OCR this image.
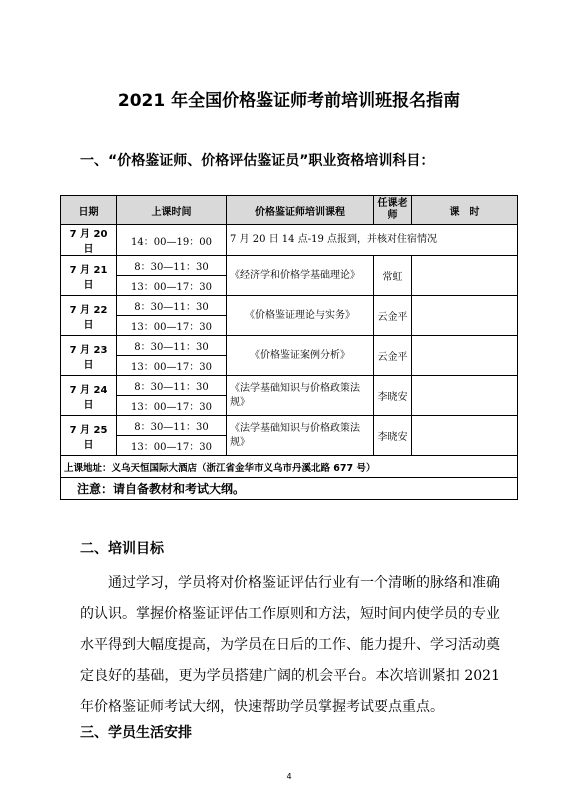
2021 年全国价格鉴证师考前培训班报名指南
一、“价格鉴证师、价格评估鉴证员”职业资格培训科目：
日期	上课时间	价格鉴证师培训课程	任课老师	课　时
7 月 20 日	14：00—19：00	7 月 20 日 14 点-19 点报到，并核对住宿情况		
7 月 21 日	8：30—11：30	《经济学和价格学基础理论》	常虹	
	13：00—17：30			
7 月 22 日	8：30—11：30	《价格鉴证理论与实务》	云金平	
	13：00—17：30			
7 月 23 日	8：30—11：30	《价格鉴证案例分析》	云金平	
	13：00—17：30			
7 月 24 日	8：30—11：30	《法学基础知识与价格政策法规》	李晓安	
	13：00—17：30			
7 月 25 日	8：30—11：30	《法学基础知识与价格政策法规》	李晓安	
	13：00—17：30			
上课地址：义乌天恒国际大酒店（浙江省金华市义乌市丹溪北路 677 号）				
注意：请自备教材和考试大纲。				
二、培训目标
通过学习，学员将对价格鉴证评估行业有一个清晰的脉络和准确的认识。掌握价格鉴证评估工作原则和方法，短时间内使学员的专业水平得到大幅度提高，为学员在日后的工作、能力提升、学习活动奠定良好的基础，更为学员搭建广阔的机会平台。本次培训紧扣 2021 年价格鉴证师考试大纲，快速帮助学员掌握考试要点重点。
三、学员生活安排
4
